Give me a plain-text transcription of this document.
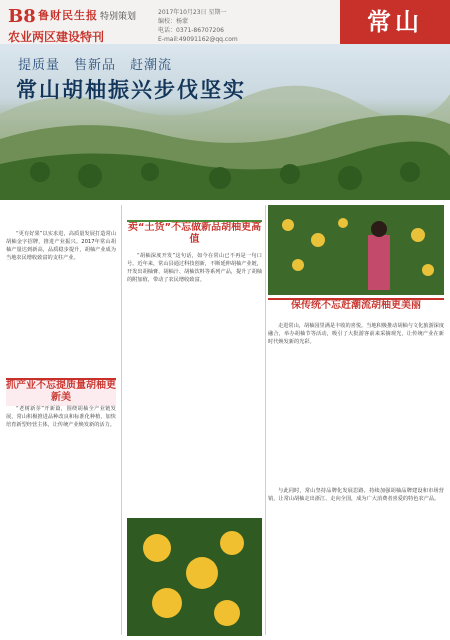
B8 鲁财民生报 特别策划
农业两区建设特刊
2017年10月23日 星期一
编校：杨蒙
电话：0371-86707206
E-mail:49091162@qq.com
常山
提质量　售新品　赶潮流
常山胡柚振兴步伐坚实
卖“土货”不忘做新品胡柚更高值
抓产业不忘提质量胡柚更新美
保传统不忘赶潮流胡柚更美丽

“更有好果”以实求进，高质量发展打造常山胡柚金字招牌，推进产业振兴。2017年常山胡柚产量达到新高，品质稳步提升，胡柚产业成为当地农民增收致富的支柱产业。

“老树新芽”开新篇，围绕胡柚全产业链发展，常山积极推进品种改良和标准化种植，加快培育新型经营主体，让传统产业焕发新的活力。

“胡柚深度开发”这句话，如今在常山已不再是一句口号。近年来，常山县通过科技创新，不断延伸胡柚产业链，开发出胡柚膏、胡柚汁、胡柚饮料等系列产品，提升了胡柚的附加值，带动了农民增收致富。

走进常山，胡柚园里满是丰收的喜悦。当地积极推动胡柚与文化旅游深度融合，举办胡柚节等活动，吸引了大批游客前来采摘观光，让传统产业在新时代焕发新的光彩。

与此同时，常山坚持品牌化发展思路，持续加强胡柚品牌建设和市场营销，让常山胡柚走出浙江、走向全国，成为广大消费者喜爱的特色农产品。
